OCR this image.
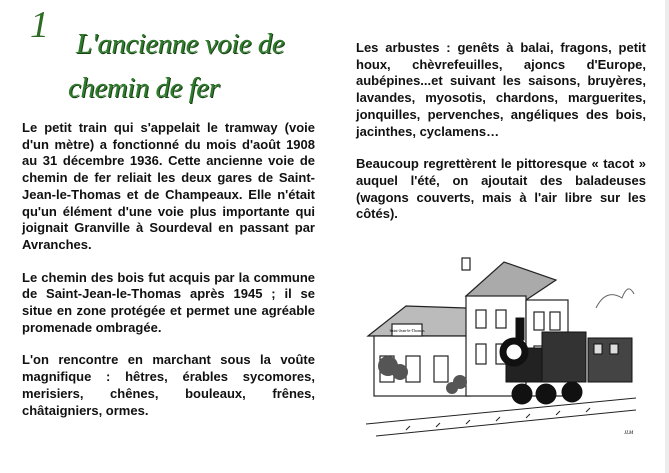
1 L'ancienne voie de
chemin de fer

Le petit train qui s'appelait le tramway (voie d'un mètre) a fonctionné du mois d'août 1908 au 31 décembre 1936. Cette ancienne voie de chemin de fer reliait les deux gares de Saint-Jean-le-Thomas et de Champeaux. Elle n'était qu'un élément d'une voie plus importante qui joignait Granville à Sourdeval en passant par Avranches.

Le chemin des bois fut acquis par la commune de Saint-Jean-le-Thomas après 1945 ; il se situe en zone protégée et permet une agréable promenade ombragée.

L'on rencontre en marchant sous la voûte magnifique : hêtres, érables sycomores, merisiers, chênes, bouleaux, frênes, châtaigniers, ormes.

Les arbustes : genêts à balai, fragons, petit houx, chèvrefeuilles, ajoncs d'Europe, aubépines...et suivant les saisons, bruyères, lavandes, myosotis, chardons, marguerites, jonquilles, pervenches, angéliques des bois, jacinthes, cyclamens…

Beaucoup regrettèrent le pittoresque « tacot » auquel l'été, on ajoutait des baladeuses (wagons couverts, mais à l'air libre sur les côtés).

Saint-Jean-le-Thomas
JLM
